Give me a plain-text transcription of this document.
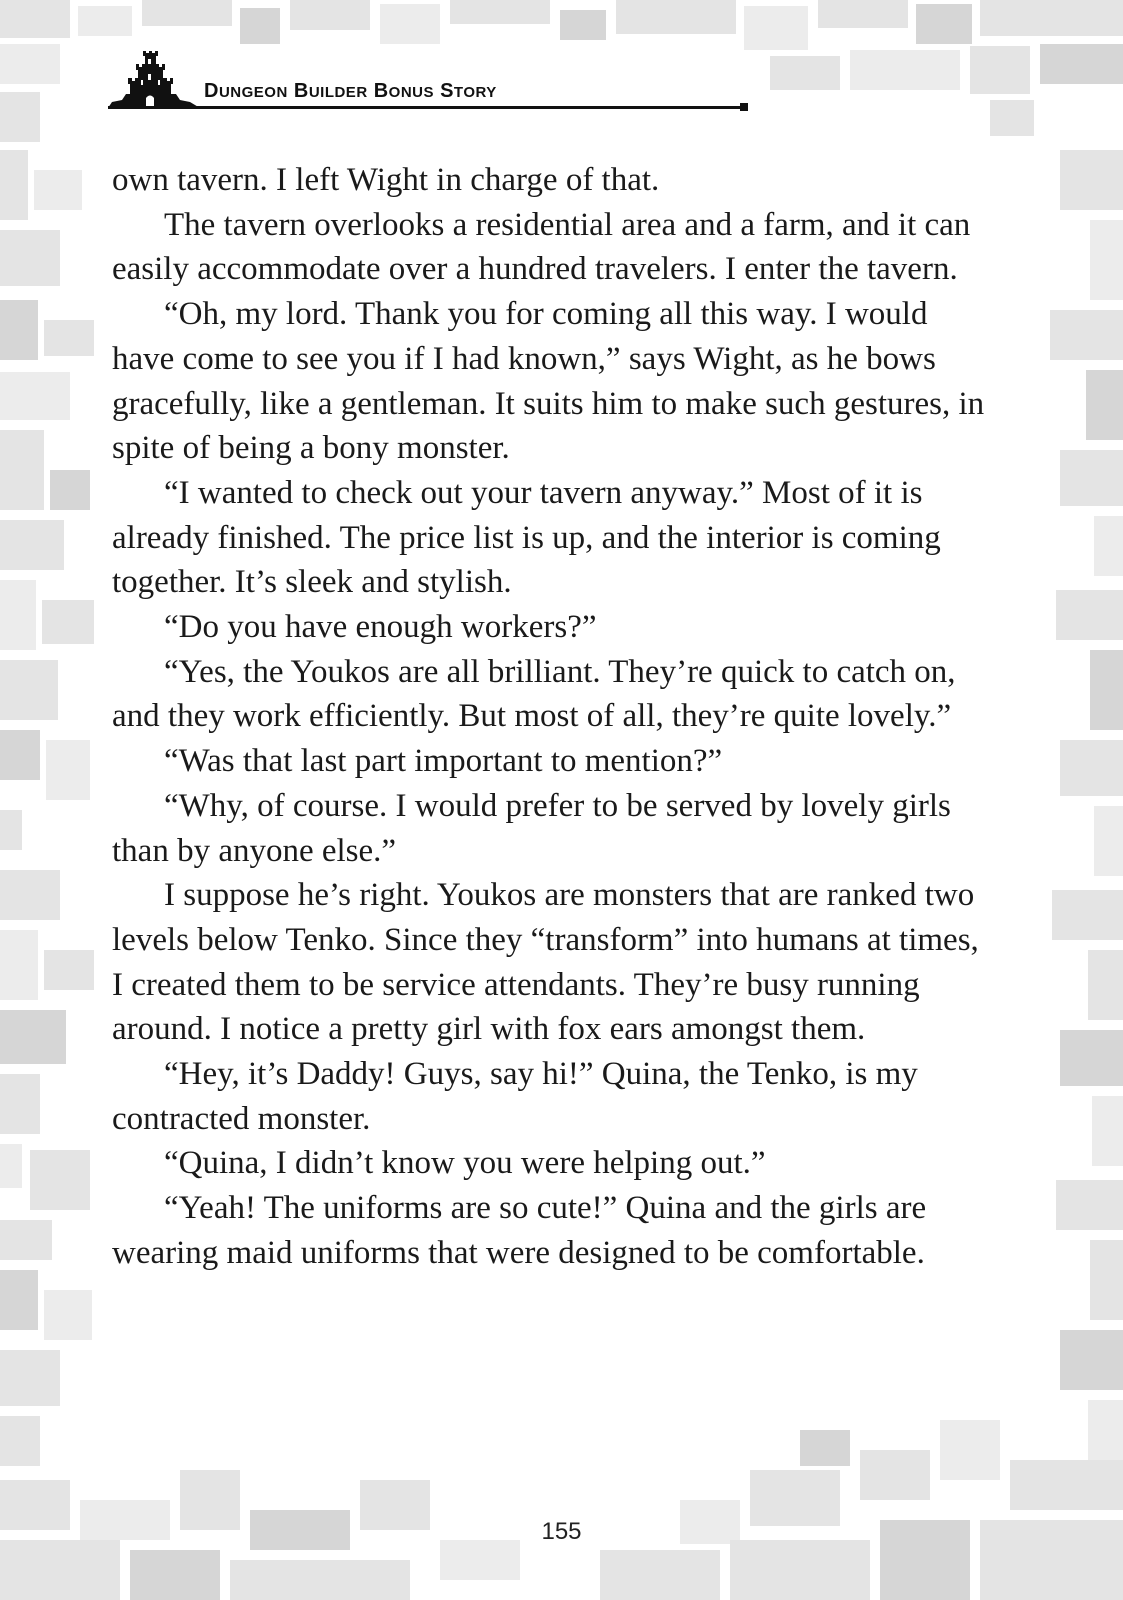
DUNGEON BUILDER BONUS STORY

own tavern. I left Wight in charge of that.

The tavern overlooks a residential area and a farm, and it can easily accommodate over a hundred travelers. I enter the tavern.

“Oh, my lord. Thank you for coming all this way. I would have come to see you if I had known,” says Wight, as he bows gracefully, like a gentleman. It suits him to make such gestures, in spite of being a bony monster.

“I wanted to check out your tavern anyway.” Most of it is already finished. The price list is up, and the interior is coming together. It’s sleek and stylish.

“Do you have enough workers?”

“Yes, the Youkos are all brilliant. They’re quick to catch on, and they work efficiently. But most of all, they’re quite lovely.”

“Was that last part important to mention?”

“Why, of course. I would prefer to be served by lovely girls than by anyone else.”

I suppose he’s right. Youkos are monsters that are ranked two levels below Tenko. Since they “transform” into humans at times, I created them to be service attendants. They’re busy running around. I notice a pretty girl with fox ears amongst them.

“Hey, it’s Daddy! Guys, say hi!” Quina, the Tenko, is my contracted monster.

“Quina, I didn’t know you were helping out.”

“Yeah! The uniforms are so cute!” Quina and the girls are wearing maid uniforms that were designed to be comfortable.

155
